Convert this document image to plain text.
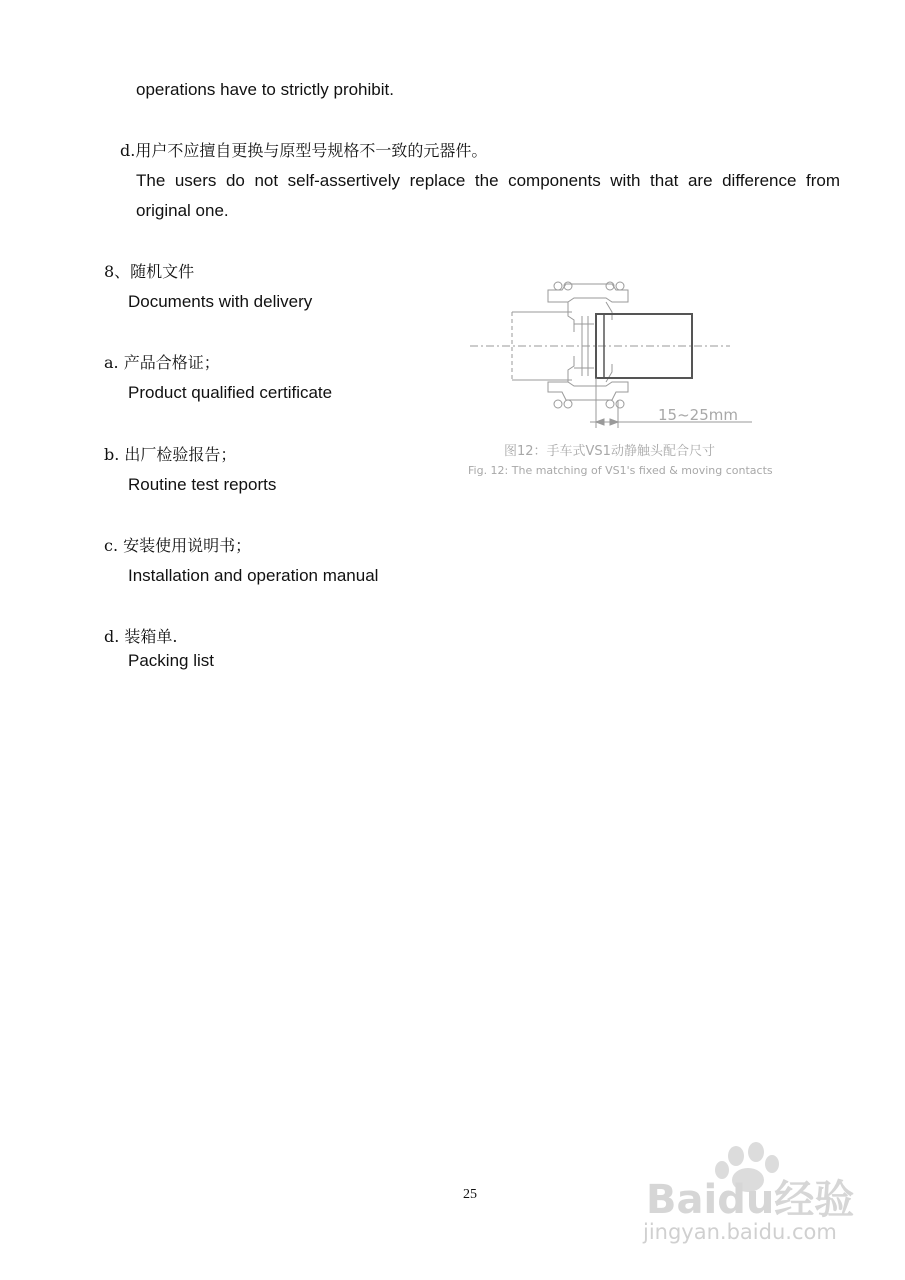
operations have to strictly prohibit.
d.用户不应擅自更换与原型号规格不一致的元器件。
The users do not self-assertively replace the components with that are difference from original one.
8、随机文件
Documents with delivery
a. 产品合格证；
Product qualified certificate
b. 出厂检验报告；
Routine test reports
c. 安装使用说明书；
Installation and operation manual
d. 装箱单.
Packing list
15~25mm
图12：手车式VS1动静触头配合尺寸
Fig. 12: The matching of VS1's fixed & moving contacts
25	Baidu经验
jingyan.baidu.com
